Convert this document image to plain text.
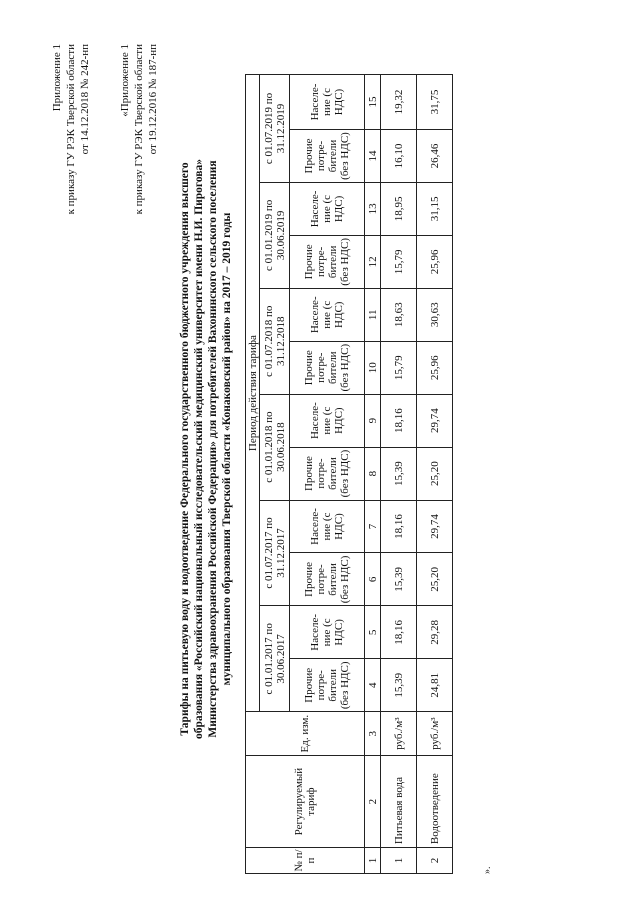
Приложение 1 к приказу ГУ РЭК Тверской области от 14.12.2018 № 242-нп	«Приложение 1 к приказу ГУ РЭК Тверской области от 19.12.2016 № 187-нп
Тарифы на питьевую воду и водоотведение Федерального государственного бюджетного учреждения высшего образования «Российский национальный исследовательский медицинский университет имени Н.И. Пирогова» Министерства здравоохранения Российской Федерации» для потребителей Вахонинского сельского поселения муниципального образования Тверской области «Конаковский район» на 2017 – 2019 годы
№ п/ п	Регулируемый тариф	Ед. изм.	Период действия тарифа											
			с 01.01.2017 по 30.06.2017		с 01.07.2017 по 31.12.2017		с 01.01.2018 по 30.06.2018		с 01.07.2018 по 31.12.2018		с 01.01.2019 по 30.06.2019		с 01.07.2019 по 31.12.2019	
			Прочие потре- бители (без НДС)	Населе- ние (с НДС)	Прочие потре- бители (без НДС)	Населе- ние (с НДС)	Прочие потре- бители (без НДС)	Населе- ние (с НДС)	Прочие потре- бители (без НДС)	Населе- ние (с НДС)	Прочие потре- бители (без НДС)	Населе- ние (с НДС)	Прочие потре- бители (без НДС)	Населе- ние (с НДС)
1	2	3	4	5	6	7	8	9	10	11	12	13	14	15
1	Питьевая вода	руб./м³	15,39	18,16	15,39	18,16	15,39	18,16	15,79	18,63	15,79	18,95	16,10	19,32
2	Водоотведение	руб./м³	24,81	29,28	25,20	29,74	25,20	29,74	25,96	30,63	25,96	31,15	26,46	31,75
».
